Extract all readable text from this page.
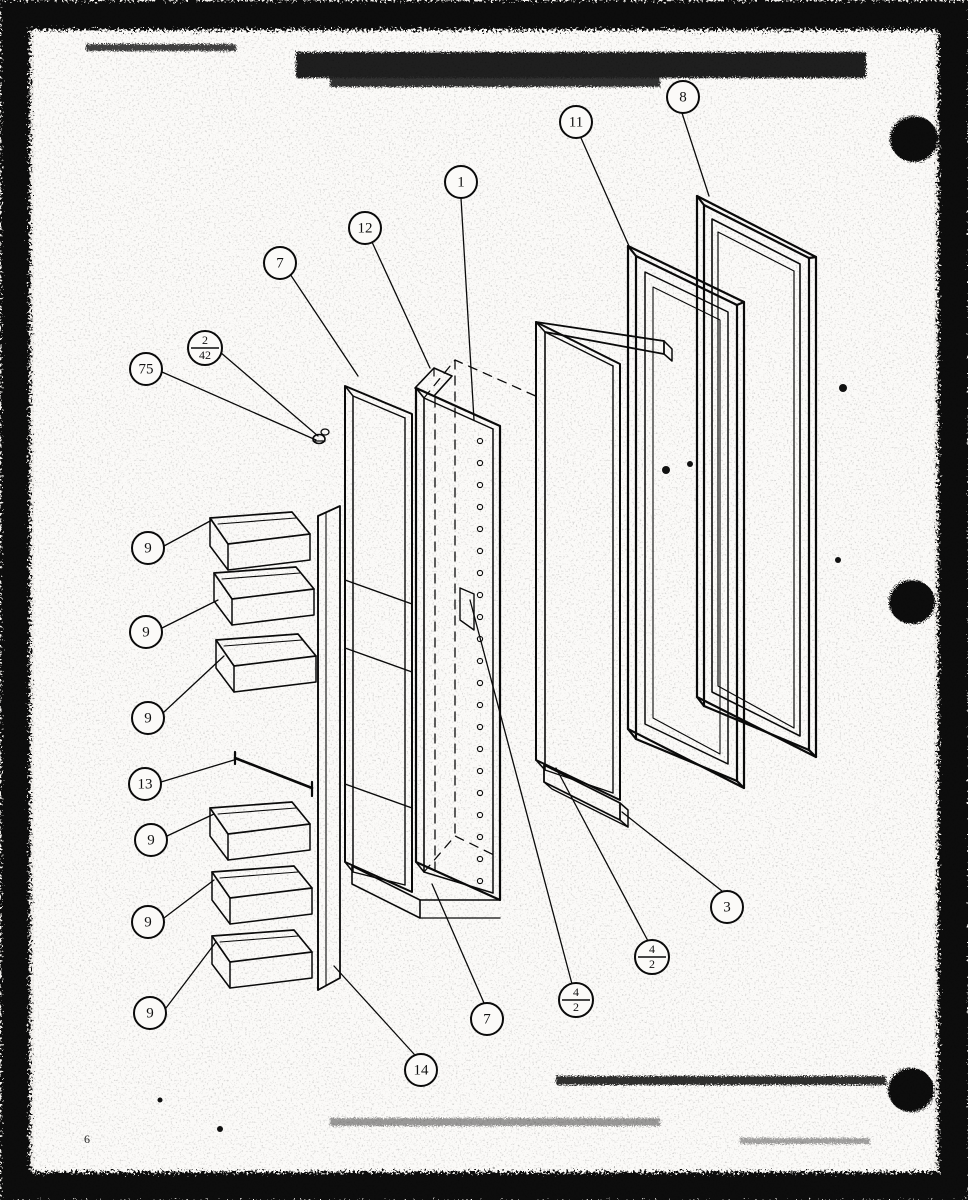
1
12
7
11
8
2
42
75
9
9
9
13
9
9
9
14
7
4
2
4
2
3
6
